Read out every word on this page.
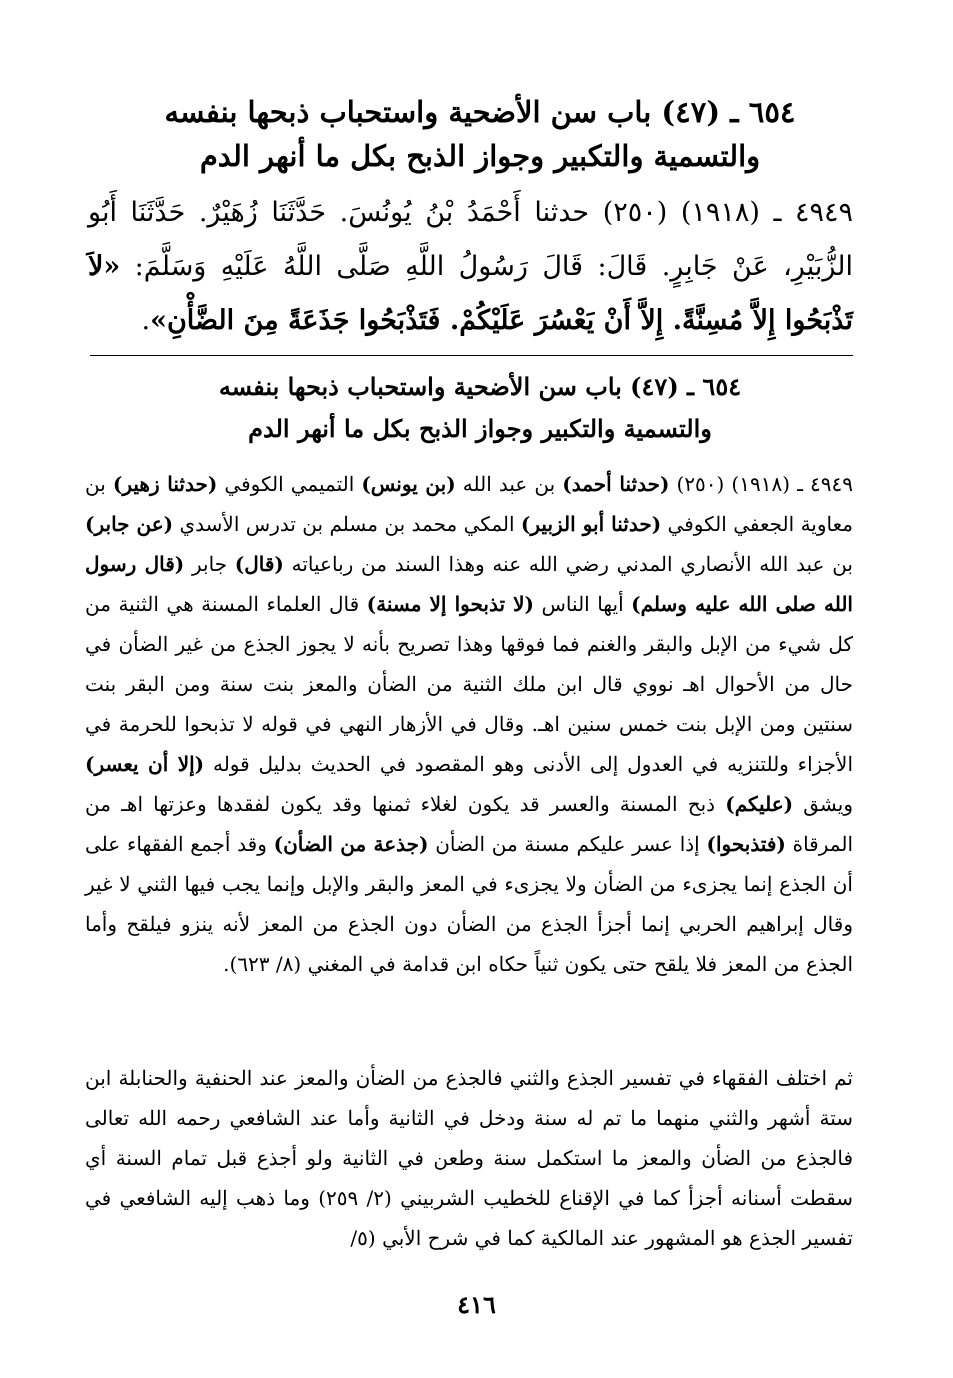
٦٥٤ ـ (٤٧) باب سن الأضحية واستحباب ذبحها بنفسه
والتسمية والتكبير وجواز الذبح بكل ما أنهر الدم
٤٩٤٩ ـ (١٩١٨) (٢٥٠) حدثنا أَحْمَدُ بْنُ يُونُسَ. حَدَّثَنَا زُهَيْرٌ. حَدَّثَنَا أَبُو الزُّبَيْرِ، عَنْ جَابِرٍ. قَالَ: قَالَ رَسُولُ اللَّهِ صَلَّى اللَّهُ عَلَيْهِ وَسَلَّمَ: «لاَ تَذْبَحُوا إِلاَّ مُسِنَّةً. إِلاَّ أَنْ يَعْسُرَ عَلَيْكُمْ. فَتَذْبَحُوا جَذَعَةً مِنَ الضَّأْنِ».
٦٥٤ ـ (٤٧) باب سن الأضحية واستحباب ذبحها بنفسه
والتسمية والتكبير وجواز الذبح بكل ما أنهر الدم
٤٩٤٩ ـ (١٩١٨) (٢٥٠) (حدثنا أحمد) بن عبد الله (بن يونس) التميمي الكوفي (حدثنا زهير) بن معاوية الجعفي الكوفي (حدثنا أبو الزبير) المكي محمد بن مسلم بن تدرس الأسدي (عن جابر) بن عبد الله الأنصاري المدني رضي الله عنه وهذا السند من رباعياته (قال) جابر (قال رسول الله صلى الله عليه وسلم) أيها الناس (لا تذبحوا إلا مسنة) قال العلماء المسنة هي الثنية من كل شيء من الإبل والبقر والغنم فما فوقها وهذا تصريح بأنه لا يجوز الجذع من غير الضأن في حال من الأحوال اهـ نووي قال ابن ملك الثنية من الضأن والمعز بنت سنة ومن البقر بنت سنتين ومن الإبل بنت خمس سنين اهـ. وقال في الأزهار النهي في قوله لا تذبحوا للحرمة في الأجزاء وللتنزيه في العدول إلى الأدنى وهو المقصود في الحديث بدليل قوله (إلا أن يعسر) ويشق (عليكم) ذبح المسنة والعسر قد يكون لغلاء ثمنها وقد يكون لفقدها وعزتها اهـ من المرقاة (فتذبحوا) إذا عسر عليكم مسنة من الضأن (جذعة من الضأن) وقد أجمع الفقهاء على أن الجذع إنما يجزىء من الضأن ولا يجزىء في المعز والبقر والإبل وإنما يجب فيها الثني لا غير وقال إبراهيم الحربي إنما أجزأ الجذع من الضأن دون الجذع من المعز لأنه ينزو فيلقح وأما الجذع من المعز فلا يلقح حتى يكون ثنياً حكاه ابن قدامة في المغني (٨/ ٦٢٣).
ثم اختلف الفقهاء في تفسير الجذع والثني فالجذع من الضأن والمعز عند الحنفية والحنابلة ابن ستة أشهر والثني منهما ما تم له سنة ودخل في الثانية وأما عند الشافعي رحمه الله تعالى فالجذع من الضأن والمعز ما استكمل سنة وطعن في الثانية ولو أجذع قبل تمام السنة أي سقطت أسنانه أجزأ كما في الإقناع للخطيب الشربيني (٢/ ٢٥٩) وما ذهب إليه الشافعي في تفسير الجذع هو المشهور عند المالكية كما في شرح الأبي (٥/
٤١٦
